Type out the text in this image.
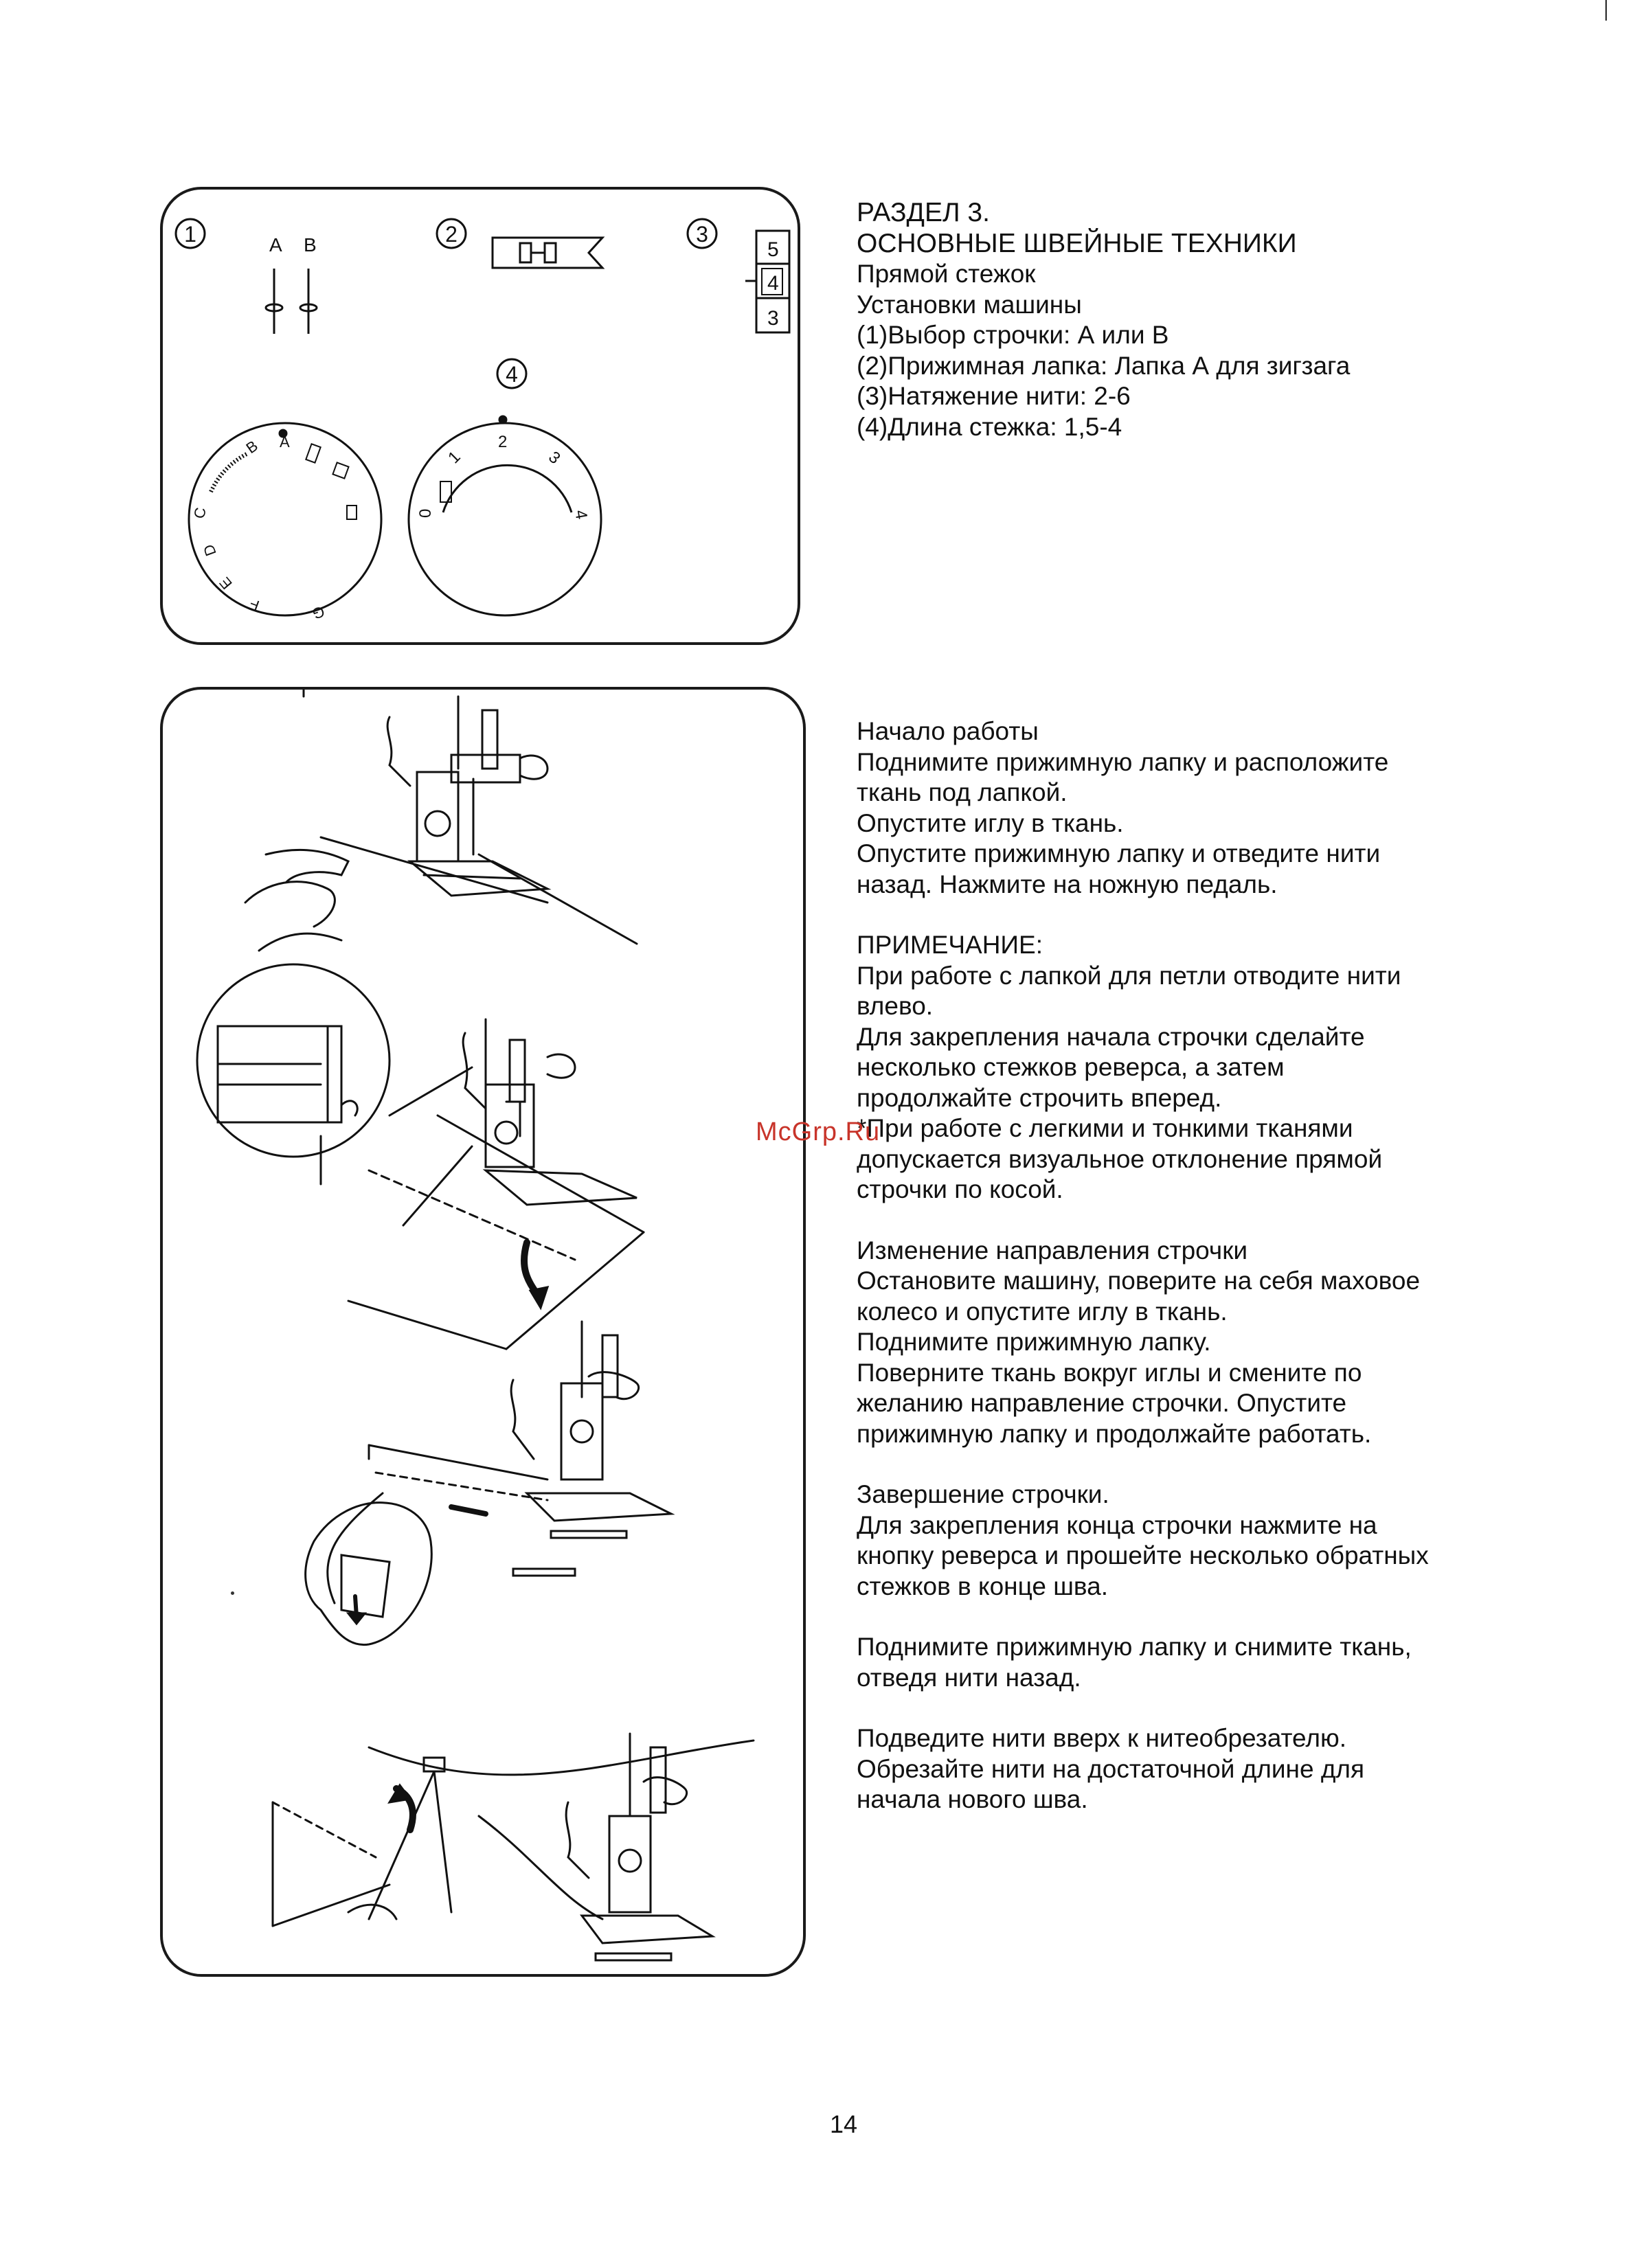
1	A B	2	3
5
4
3
4
B A
C
D
E
F	G
0
1
2
3
4

РАЗДЕЛ 3.

ОСНОВНЫЕ ШВЕЙНЫЕ ТЕХНИКИ

Прямой стежок

Установки машины

(1)Выбор строчки: А или В

(2)Прижимная лапка: Лапка А для зигзага

(3)Натяжение нити: 2-6

(4)Длина стежка: 1,5-4

Начало работы

Поднимите прижимную лапку и расположите

ткань под лапкой.

Опустите иглу в ткань.

Опустите прижимную лапку и отведите нити

назад. Нажмите на ножную педаль.

ПРИМЕЧАНИЕ:

При работе с лапкой для петли отводите нити

влево.

Для закрепления начала строчки сделайте

несколько стежков реверса, а затем

продолжайте строчить вперед.

*При работе с легкими и тонкими тканями

допускается визуальное отклонение прямой

строчки по косой.

Изменение направления строчки

Остановите машину, поверите на себя маховое

колесо и опустите иглу в ткань.

Поднимите прижимную лапку.

Поверните ткань вокруг иглы и смените по

желанию направление строчки. Опустите

прижимную лапку и продолжайте работать.

Завершение строчки.

Для закрепления конца строчки нажмите на

кнопку реверса и прошейте несколько обратных

стежков в конце шва.

Поднимите прижимную лапку и снимите ткань,

отведя нити назад.

Подведите нити вверх к нитеобрезателю.

Обрезайте нити на достаточной длине для

начала нового шва.

McGrp.Ru
14
